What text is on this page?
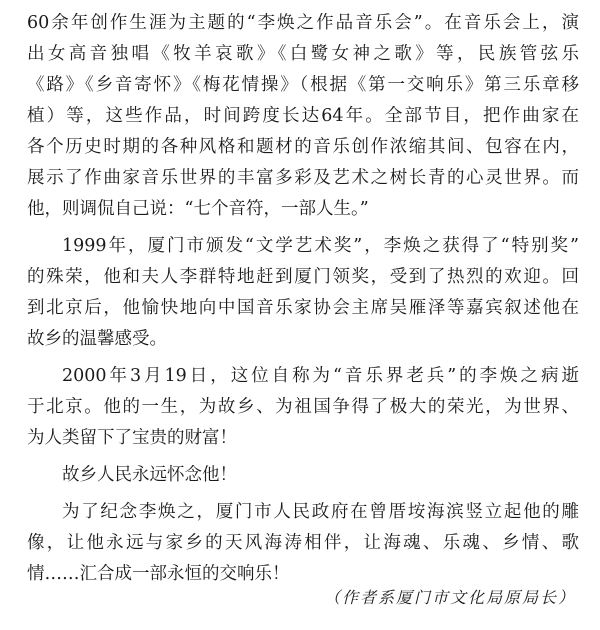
60余年创作生涯为主题的“李焕之作品音乐会”。在音乐会上，演
出女高音独唱《牧羊哀歌》《白鹭女神之歌》等，民族管弦乐
《路》《乡音寄怀》《梅花情操》（根据《第一交响乐》第三乐章移
植）等，这些作品，时间跨度长达64年。全部节目，把作曲家在
各个历史时期的各种风格和题材的音乐创作浓缩其间、包容在内，
展示了作曲家音乐世界的丰富多彩及艺术之树长青的心灵世界。而
他，则调侃自己说：“七个音符，一部人生。”
1999年，厦门市颁发“文学艺术奖”，李焕之获得了“特别奖”
的殊荣，他和夫人李群特地赶到厦门领奖，受到了热烈的欢迎。回
到北京后，他愉快地向中国音乐家协会主席吴雁泽等嘉宾叙述他在
故乡的温馨感受。
2000年3月19日，这位自称为“音乐界老兵”的李焕之病逝
于北京。他的一生，为故乡、为祖国争得了极大的荣光，为世界、
为人类留下了宝贵的财富！
故乡人民永远怀念他！
为了纪念李焕之，厦门市人民政府在曾厝垵海滨竖立起他的雕
像，让他永远与家乡的天风海涛相伴，让海魂、乐魂、乡情、歌
情……汇合成一部永恒的交响乐！
（作者系厦门市文化局原局长）
